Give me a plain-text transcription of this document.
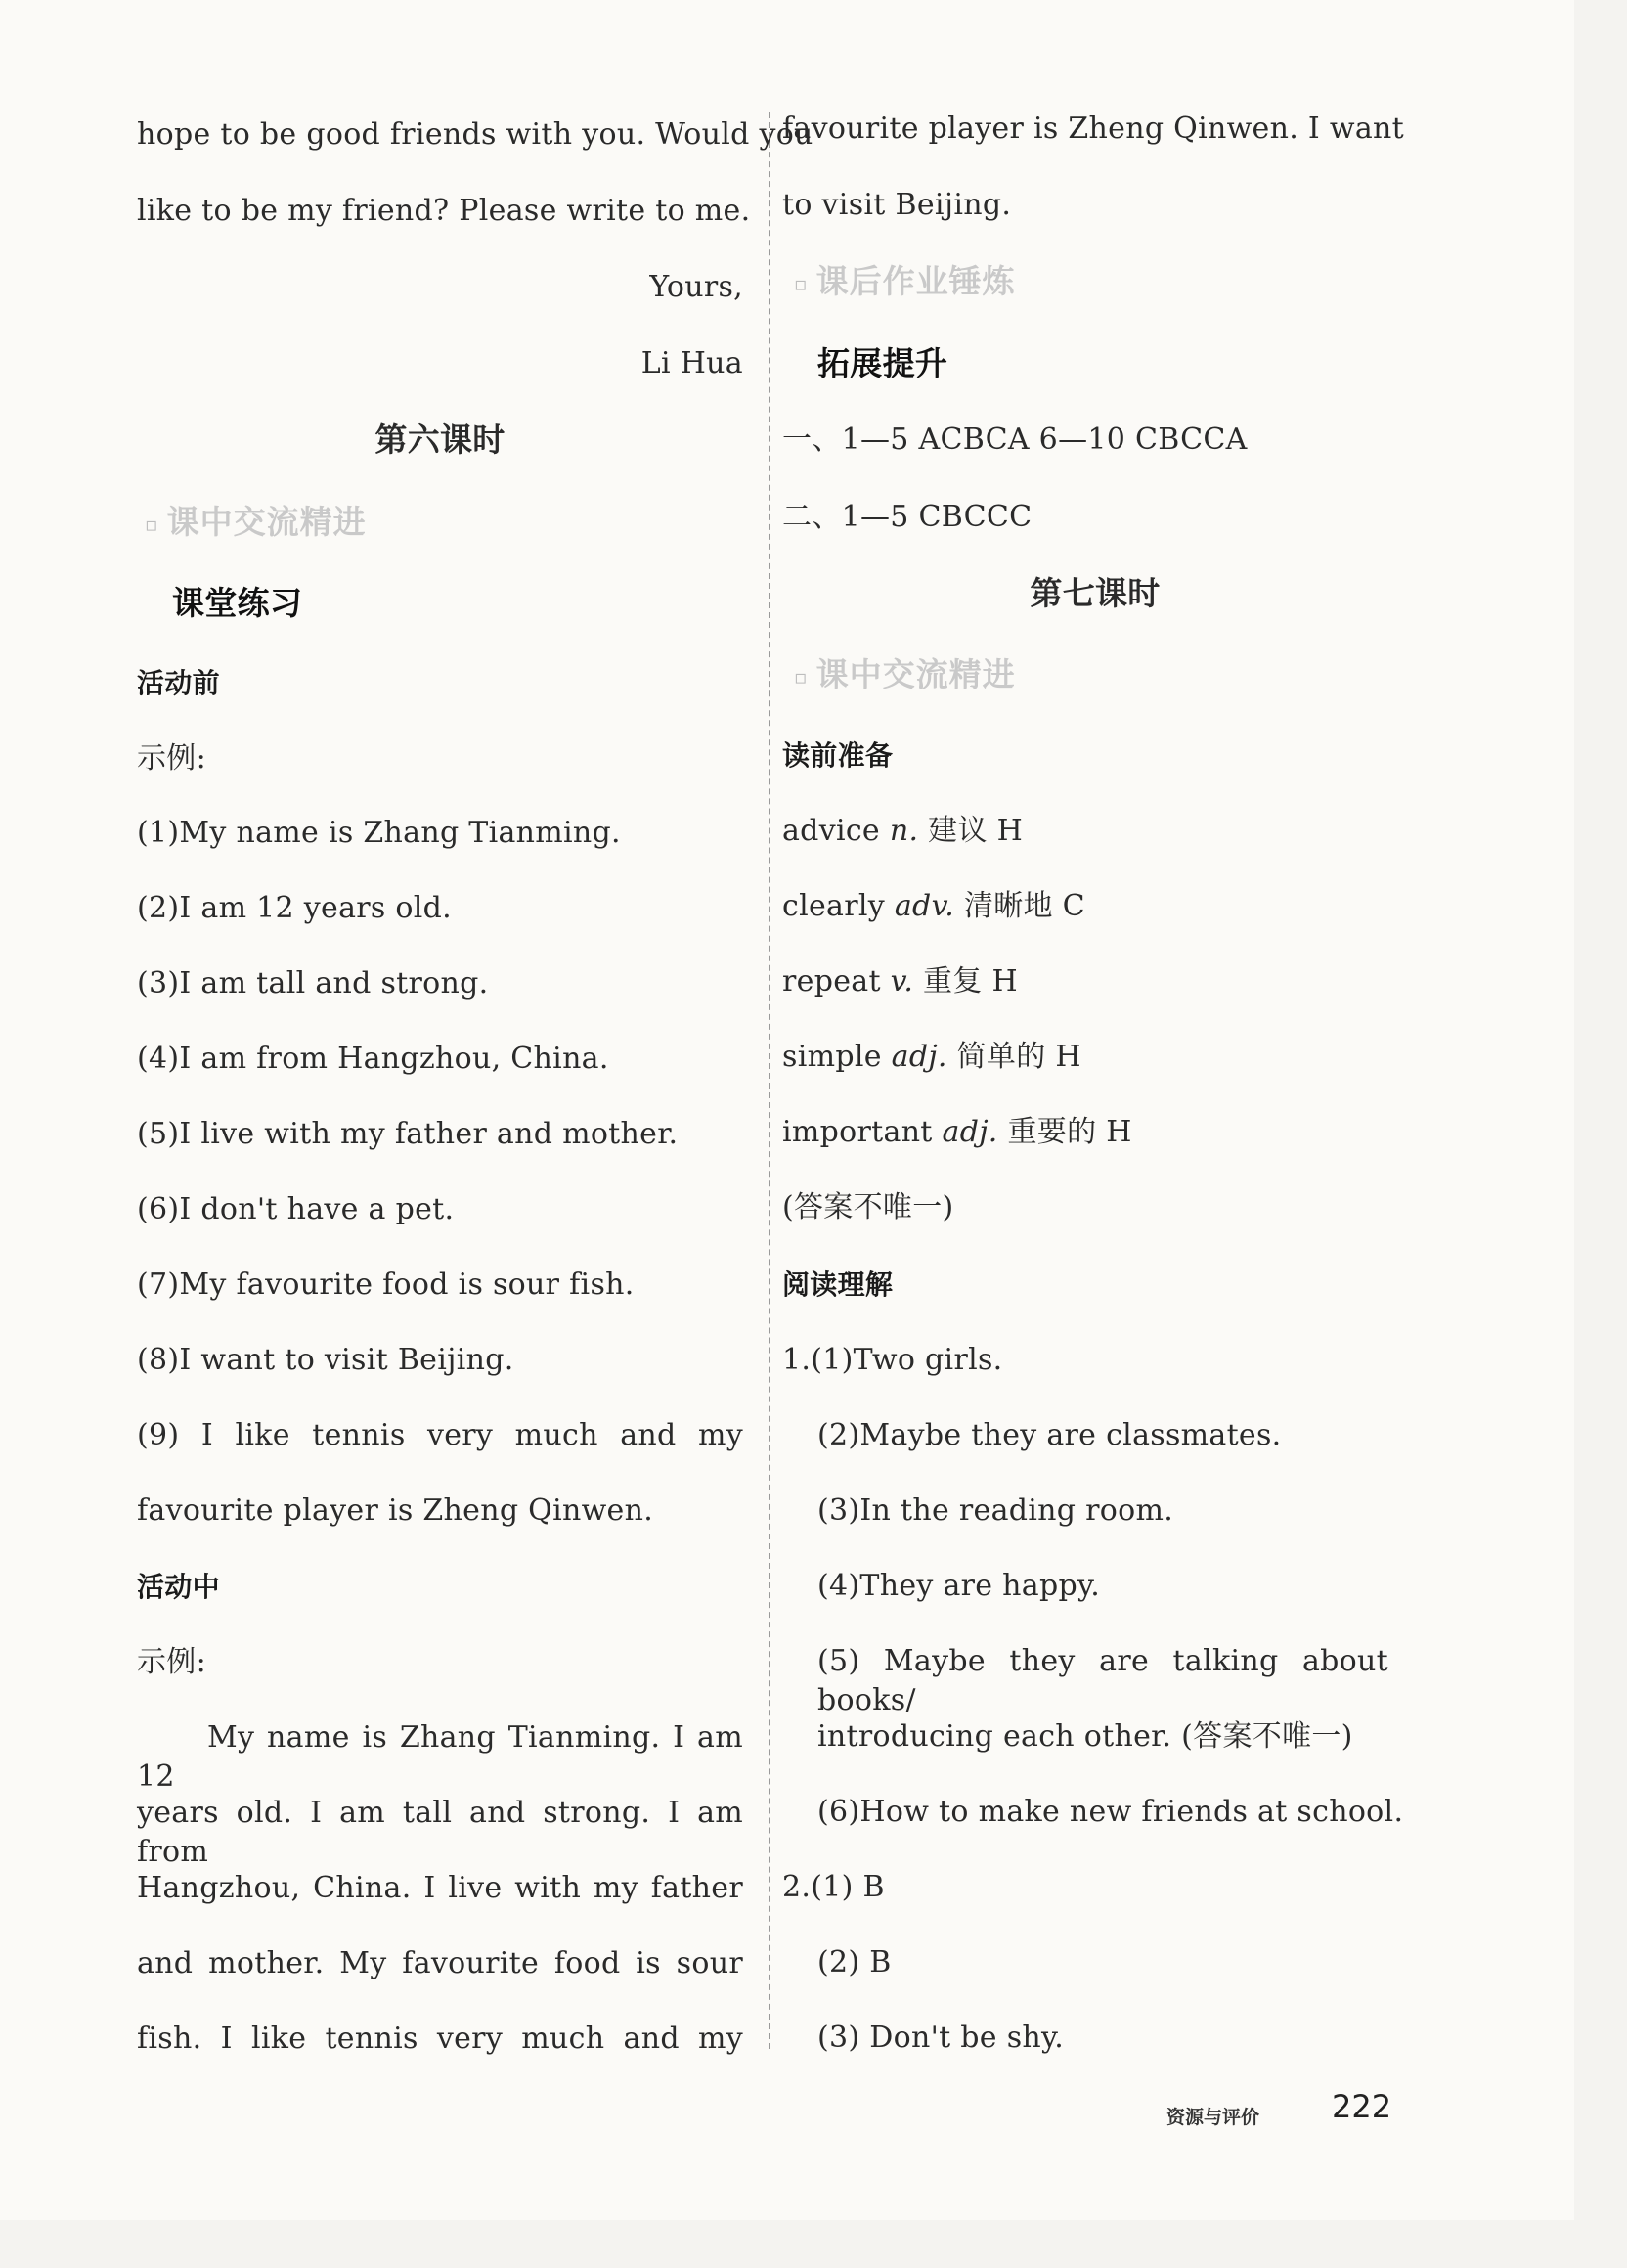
hope to be good friends with you. Would you
like to be my friend? Please write to me.
Yours,
Li Hua
第六课时
▫ 课中交流精进
课堂练习
活动前
示例:
(1)My name is Zhang Tianming.
(2)I am 12 years old.
(3)I am tall and strong.
(4)I am from Hangzhou, China.
(5)I live with my father and mother.
(6)I don't have a pet.
(7)My favourite food is sour fish.
(8)I want to visit Beijing.
(9) I like tennis very much and my
favourite player is Zheng Qinwen.
活动中
示例:
My name is Zhang Tianming. I am 12
years old. I am tall and strong. I am from
Hangzhou, China. I live with my father
and mother. My favourite food is sour
fish. I like tennis very much and my
favourite player is Zheng Qinwen. I want
to visit Beijing.
▫ 课后作业锤炼
拓展提升
一、1—5 ACBCA 6—10 CBCCA
二、1—5 CBCCC
第七课时
▫ 课中交流精进
读前准备
advice n. 建议 H
clearly adv. 清晰地 C
repeat v. 重复 H
simple adj. 简单的 H
important adj. 重要的 H
(答案不唯一)
阅读理解
1.(1)Two girls.
(2)Maybe they are classmates.
(3)In the reading room.
(4)They are happy.
(5) Maybe they are talking about books/
introducing each other. (答案不唯一)
(6)How to make new friends at school.
2.(1) B
(2) B
(3) Don't be shy.
资源与评价 222
